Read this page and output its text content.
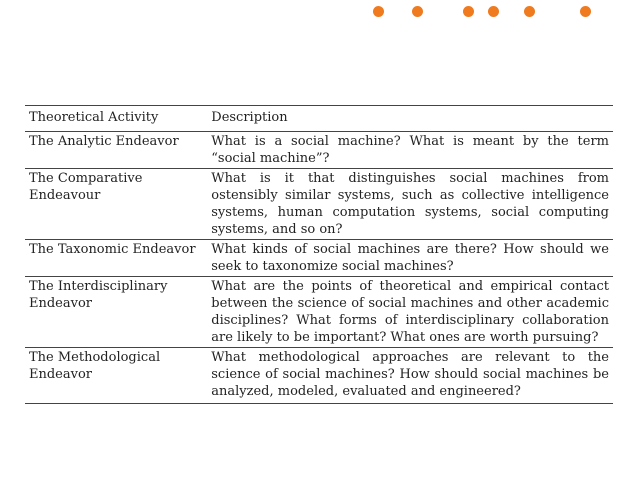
Theoretical Activity	Description
The Analytic Endeavor	What is a social machine? What is meant by the term “social machine”?
The Comparative Endeavour	What is it that distinguishes social machines from ostensibly similar systems, such as collective intelligence systems, human computation systems, social computing systems, and so on?
The Taxonomic Endeavor	What kinds of social machines are there? How should we seek to taxonomize social machines?
The Interdisciplinary Endeavor	What are the points of theoretical and empirical contact between the science of social machines and other academic disciplines? What forms of interdisciplinary collaboration are likely to be important? What ones are worth pursuing?
The Methodological Endeavor	What methodological approaches are relevant to the science of social machines? How should social machines be analyzed, modeled, evaluated and engineered?
